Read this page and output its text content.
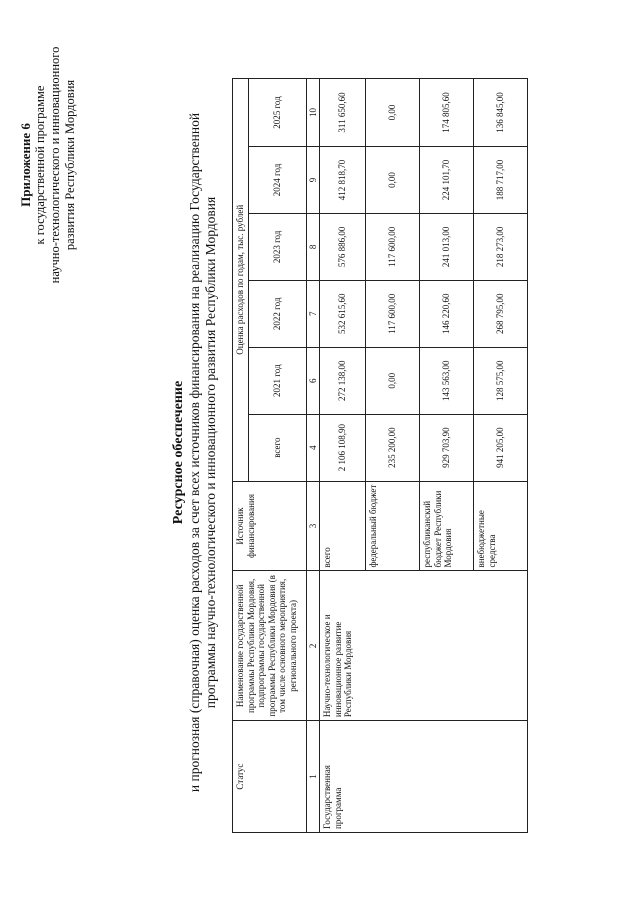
Приложение 6 к государственной программе научно-технологического и инновационного развития Республики Мордовия
Ресурсное обеспечение и прогнозная (справочная) оценка расходов за счет всех источников финансирования на реализацию Государственной программы научно-технологического и инновационного развития Республики Мордовия
Статус	Наименование государственной программы Республики Мордовия, подпрограммы государственной программы Республики Мордовия (в том числе основного мероприятия, регионального проекта)	Источник финансирования	Оценка расходов по годам, тыс. рублей					
			всего	2021 год	2022 год	2023 год	2024 год	2025 год
1	2	3	4	6	7	8	9	10
Государственная программа	Научно-технологическое и инновационное развитие Республики Мордовия	всего	2 106 108,90	272 138,00	532 615,60	576 886,00	412 818,70	311 650,60
		федеральный бюджет	235 200,00	0,00	117 600,00	117 600,00	0,00	0,00
		республиканский бюджет Республики Мордовия	929 703,90	143 563,00	146 220,60	241 013,00	224 101,70	174 805,60
		внебюджетные средства	941 205,00	128 575,00	268 795,00	218 273,00	188 717,00	136 845,00
